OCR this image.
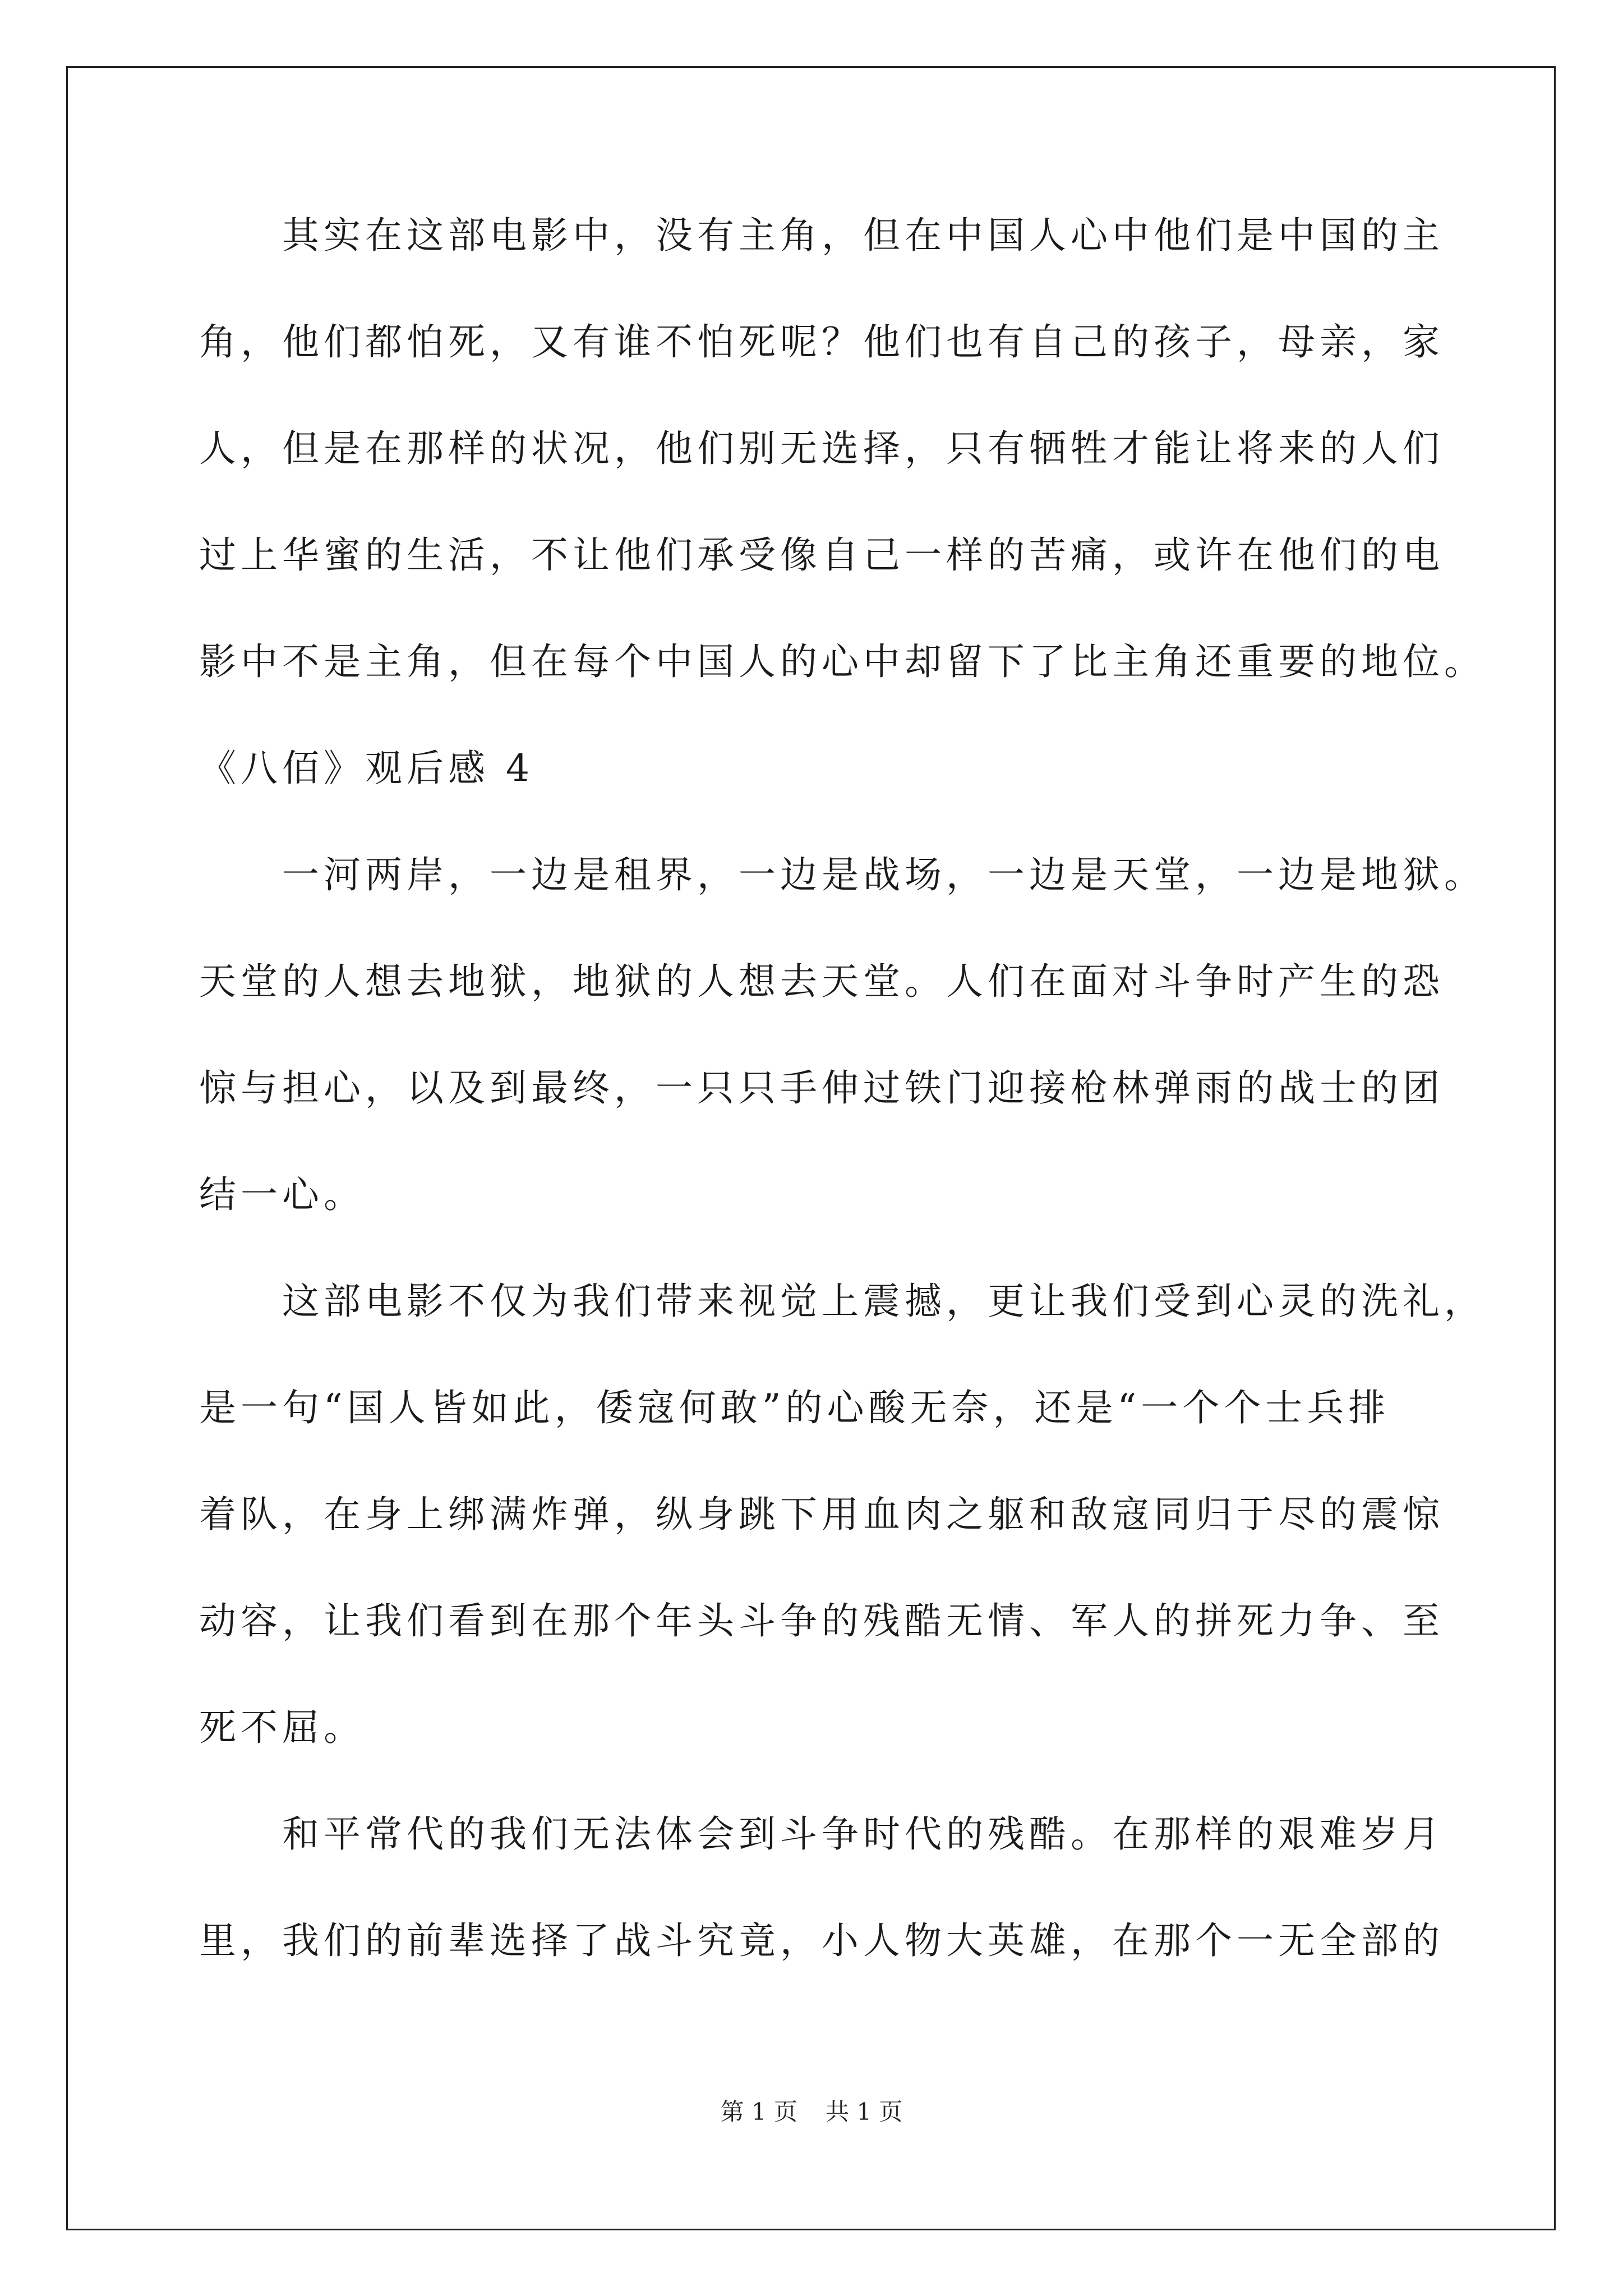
　　其实在这部电影中，没有主角，但在中国人心中他们是中国的主
角，他们都怕死，又有谁不怕死呢？他们也有自己的孩子，母亲，家
人，但是在那样的状况，他们别无选择，只有牺牲才能让将来的人们
过上华蜜的生活，不让他们承受像自己一样的苦痛，或许在他们的电
影中不是主角，但在每个中国人的心中却留下了比主角还重要的地位。
《八佰》观后感 4
　　一河两岸，一边是租界，一边是战场，一边是天堂，一边是地狱。
天堂的人想去地狱，地狱的人想去天堂。人们在面对斗争时产生的恐
惊与担心，以及到最终，一只只手伸过铁门迎接枪林弹雨的战士的团
结一心。
　　这部电影不仅为我们带来视觉上震撼，更让我们受到心灵的洗礼，
是一句“国人皆如此，倭寇何敢”的心酸无奈，还是“一个个士兵排
着队，在身上绑满炸弹，纵身跳下用血肉之躯和敌寇同归于尽的震惊
动容，让我们看到在那个年头斗争的残酷无情、军人的拼死力争、至
死不屈。
　　和平常代的我们无法体会到斗争时代的残酷。在那样的艰难岁月
里，我们的前辈选择了战斗究竟，小人物大英雄，在那个一无全部的
第 1 页 共 1 页
